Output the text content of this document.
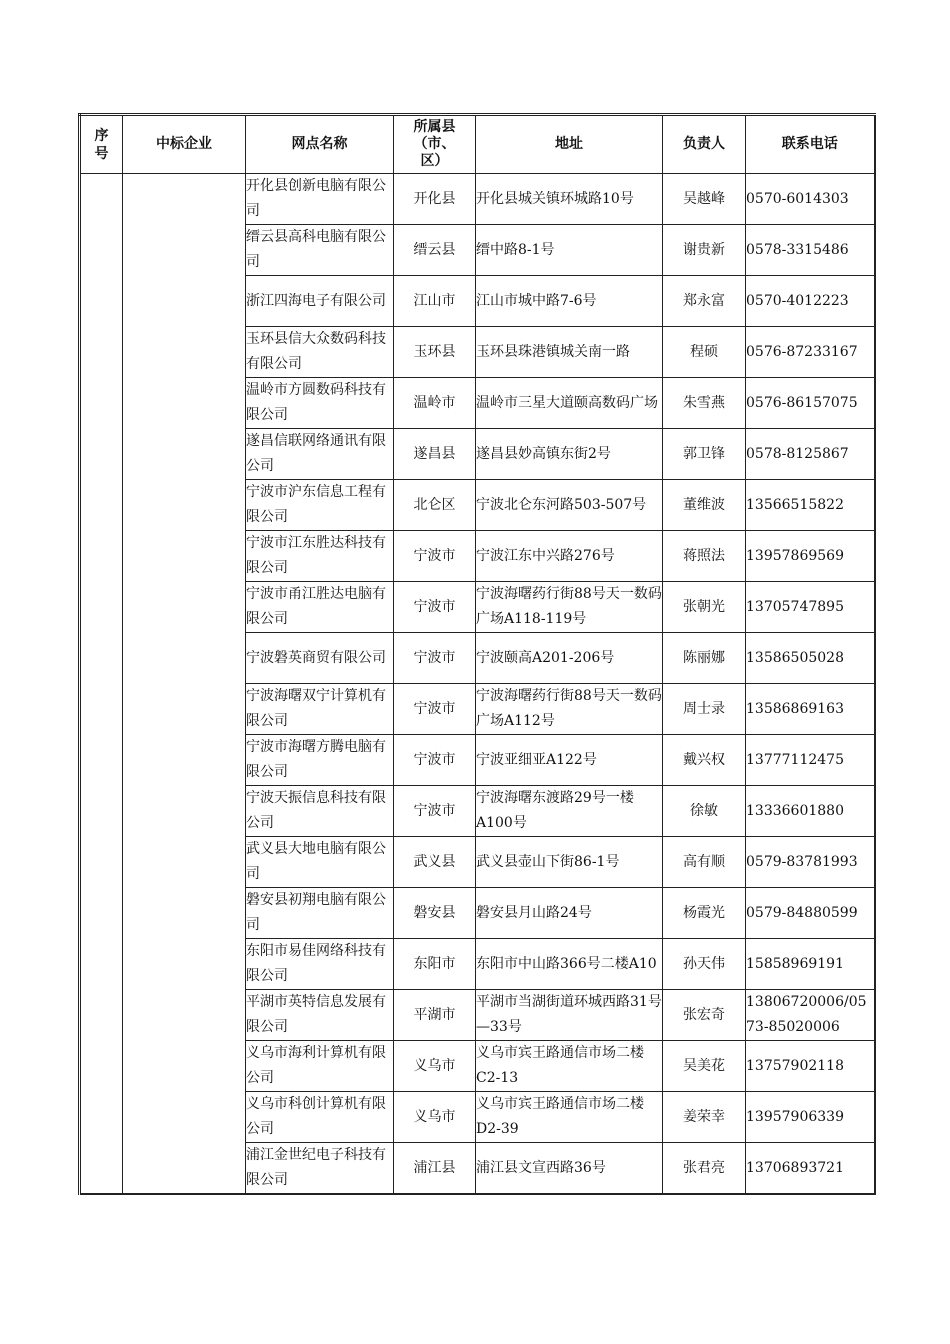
序号	中标企业	网点名称	所属县（市、区）	地址	负责人	联系电话
		开化县创新电脑有限公司	开化县	开化县城关镇环城路10号	吴越峰	0570-6014303
		缙云县高科电脑有限公司	缙云县	缙中路8-1号	谢贵新	0578-3315486
		浙江四海电子有限公司	江山市	江山市城中路7-6号	郑永富	0570-4012223
		玉环县信大众数码科技有限公司	玉环县	玉环县珠港镇城关南一路	程硕	0576-87233167
		温岭市方圆数码科技有限公司	温岭市	温岭市三星大道颐高数码广场	朱雪燕	0576-86157075
		遂昌信联网络通讯有限公司	遂昌县	遂昌县妙高镇东街2号	郭卫锋	0578-8125867
		宁波市沪东信息工程有限公司	北仑区	宁波北仑东河路503-507号	董维波	13566515822
		宁波市江东胜达科技有限公司	宁波市	宁波江东中兴路276号	蒋照法	13957869569
		宁波市甬江胜达电脑有限公司	宁波市	宁波海曙药行街88号天一数码广场A118-119号	张朝光	13705747895
		宁波磐英商贸有限公司	宁波市	宁波颐高A201-206号	陈丽娜	13586505028
		宁波海曙双宁计算机有限公司	宁波市	宁波海曙药行街88号天一数码广场A112号	周士录	13586869163
		宁波市海曙方腾电脑有限公司	宁波市	宁波亚细亚A122号	戴兴权	13777112475
		宁波天振信息科技有限公司	宁波市	宁波海曙东渡路29号一楼A100号	徐敏	13336601880
		武义县大地电脑有限公司	武义县	武义县壶山下街86-1号	高有顺	0579-83781993
		磐安县初翔电脑有限公司	磐安县	磐安县月山路24号	杨霞光	0579-84880599
		东阳市易佳网络科技有限公司	东阳市	东阳市中山路366号二楼A10	孙天伟	15858969191
		平湖市英特信息发展有限公司	平湖市	平湖市当湖街道环城西路31号—33号	张宏奇	13806720006/0573-85020006
		义乌市海利计算机有限公司	义乌市	义乌市宾王路通信市场二楼C2-13	吴美花	13757902118
		义乌市科创计算机有限公司	义乌市	义乌市宾王路通信市场二楼D2-39	姜荣幸	13957906339
		浦江金世纪电子科技有限公司	浦江县	浦江县文宣西路36号	张君亮	13706893721
